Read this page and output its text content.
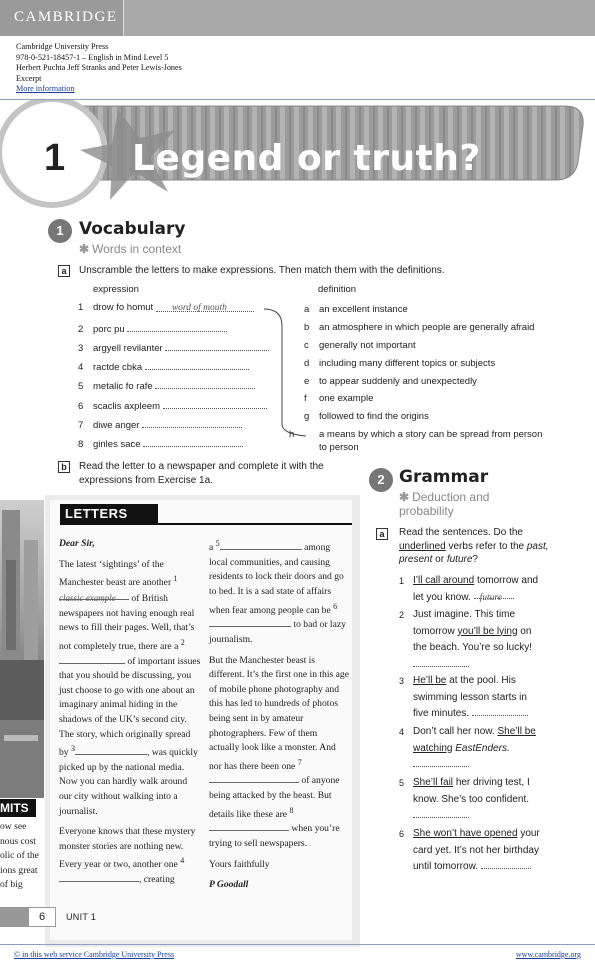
CAMBRIDGE
Cambridge University Press
978-0-521-18457-1 – English in Mind Level 5
Herbert Puchta Jeff Stranks and Peter Lewis-Jones
Excerpt
More information
1 Legend or truth?
1 Vocabulary
✱ Words in context
a	Unscramble the letters to make expressions. Then match them with the definitions.
expression	definition
1 drow fo homut word of mouth
2 porc pu
3 argyell revilanter
4 ractde cbka
5 metalic fo rafe
6 scaclis axpleem
7 diwe anger
8 ginles sace
a an excellent instance
b an atmosphere in which people are generally afraid
c generally not important
d including many different topics or subjects
e to appear suddenly and unexpectedly
f one example
g followed to find the origins
h	a means by which a story can be spread from person to person
b	Read the letter to a newspaper and complete it with the expressions from Exercise 1a.
MITS
ow see
nous cost
olic of the
ions great
of big
LETTERS

Dear Sir,

The latest ‘sightings’ of the Manchester beast are another $^1$classic example of British newspapers not having enough real news to fill their pages. Well, that’s not completely true, there are a $^2$ of important issues that you should be discussing, you just choose to go with one about an imaginary animal hiding in the shadows of the UK’s second city. The story, which originally spread by $^3$	, was quickly picked up by the national media. Now you can hardly walk around our city without walking into a journalist.

Everyone knows that these mystery monster stories are nothing new. Every year or two, another one $^4$, creating

a $^5$	among local communities, and causing residents to lock their doors and go to bed. It is a sad state of affairs when fear among people can be $^6$ to bad or lazy journalism.

But the Manchester beast is different. It’s the first one in this age of mobile phone photography and this has led to hundreds of photos being sent in by amateur photographers. Few of them actually look like a monster. And nor has there been one $^7$ of anyone being attacked by the beast. But details like these are $^8$ when you’re trying to sell newspapers.

Yours faithfully

P Goodall

2 Grammar
✱ Deduction and
probability
a	Read the sentences. Do the underlined verbs refer to the past, present or future?
1 I’ll call around tomorrow and let you know. future
2 Just imagine. This time tomorrow you’ll be lying on the beach. You’re so lucky!

3 He’ll be at the pool. His swimming lesson starts in five minutes.
4 Don’t call her now. She’ll be watching EastEnders.

5 She’ll fail her driving test, I know. She’s too confident.

6 She won’t have opened your card yet. It’s not her birthday until tomorrow.
6	UNIT 1
© in this web service Cambridge University Press	www.cambridge.org
